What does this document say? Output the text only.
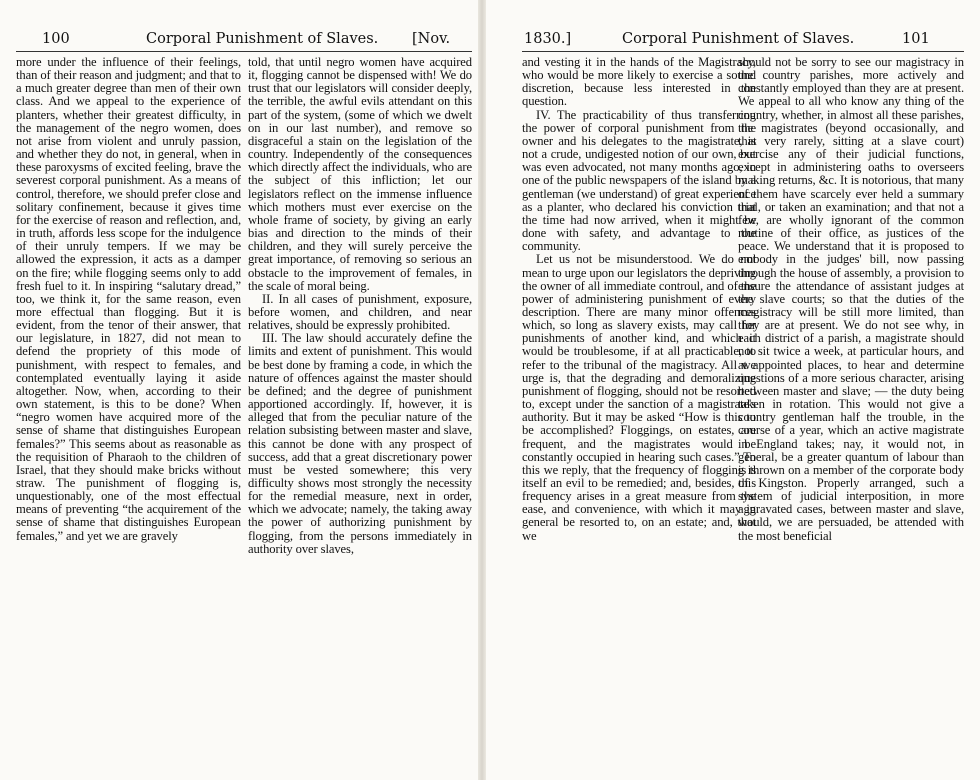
100	Corporal Punishment of Slaves. [Nov.
more under the influence of their feelings, than of their reason and judgment; and that to a much greater degree than men of their own class. And we appeal to the experience of planters, whether their greatest difficulty, in the management of the negro women, does not arise from violent and unruly passion, and whether they do not, in general, when in these paroxysms of excited feeling, brave the severest corporal punishment. As a means of control, therefore, we should prefer close and solitary confinement, because it gives time for the exercise of reason and reflection, and, in truth, affords less scope for the indulgence of their unruly tempers. If we may be allowed the expression, it acts as a damper on the fire; while flogging seems only to add fresh fuel to it. In inspiring “salutary dread,” too, we think it, for the same reason, even more effectual than flogging. But it is evident, from the tenor of their answer, that our legislature, in 1827, did not mean to defend the propriety of this mode of punishment, with respect to females, and contemplated eventually laying it aside altogether. Now, when, according to their own statement, is this to be done? When “negro women have acquired more of the sense of shame that distinguishes European females?” This seems about as reasonable as the requisition of Pharaoh to the children of Israel, that they should make bricks without straw. The punishment of flogging is, unquestionably, one of the most effectual means of preventing “the acquirement of the sense of shame that distinguishes European females,” and yet we are gravely
told, that until negro women have acquired it, flogging cannot be dispensed with! We do trust that our legislators will consider deeply, the terrible, the awful evils attendant on this part of the system, (some of which we dwelt on in our last number), and remove so disgraceful a stain on the legislation of the country. Independently of the consequences which directly affect the individuals, who are the subject of this infliction; let our legislators reflect on the immense influence which mothers must ever exercise on the whole frame of society, by giving an early bias and direction to the minds of their children, and they will surely perceive the great importance, of removing so serious an obstacle to the improvement of females, in the scale of moral being.
II. In all cases of punishment, exposure, before women, and children, and near relatives, should be expressly prohibited.
III. The law should accurately define the limits and extent of punishment. This would be best done by framing a code, in which the nature of offences against the master should be defined; and the degree of punishment apportioned accordingly. If, however, it is alleged that from the peculiar nature of the relation subsisting between master and slave, this cannot be done with any prospect of success, add that a great discretionary power must be vested somewhere; this very difficulty shows most strongly the necessity for the remedial measure, next in order, which we advocate; namely, the taking away the power of authorizing punishment by flogging, from the persons immediately in authority over slaves,
1830.]	Corporal Punishment of Slaves.	101
and vesting it in the hands of the Magistracy, who would be more likely to exercise a sound discretion, because less interested in the question.
IV. The practicability of thus transferring the power of corporal punishment from the owner and his delegates to the magistrate, is not a crude, undigested notion of our own, but was even advocated, not many months ago, in one of the public newspapers of the island by a gentleman (we understand) of great experience as a planter, who declared his conviction that the time had now arrived, when it might be done with safety, and advantage to the community.
Let us not be misunderstood. We do not mean to urge upon our legislators the depriving the owner of all immediate controul, and of the power of administering punishment of every description. There are many minor offences which, so long as slavery exists, may call for punishments of another kind, and which it would be troublesome, if at all practicable, to refer to the tribunal of the magistracy. All we urge is, that the degrading and demoralizing punishment of flogging, should not be resorted to, except under the sanction of a magistrate's authority. But it may be asked “How is this to be accomplished? Floggings, on estates, are frequent, and the magistrates would be constantly occupied in hearing such cases.” To this we reply, that the frequency of flogging is itself an evil to be remedied; and, besides, this frequency arises in a great measure from the ease, and convenience, with which it may in general be resorted to, on an estate; and, that we
should not be sorry to see our magistracy in the country parishes, more actively and constantly employed than they are at present. We appeal to all who know any thing of the country, whether, in almost all these parishes, the magistrates (beyond occasionally, and that very rarely, sitting at a slave court) exercise any of their judicial functions, except in administering oaths to overseers making returns, &c. It is notorious, that many of them have scarcely ever held a summary trial, or taken an examination; and that not a few, are wholly ignorant of the common routine of their office, as justices of the peace. We understand that it is proposed to embody in the judges' bill, now passing through the house of assembly, a provision to ensure the attendance of assistant judges at the slave courts; so that the duties of the magistracy will be still more limited, than they are at present. We do not see why, in each district of a parish, a magistrate should not sit twice a week, at particular hours, and at appointed places, to hear and determine questions of a more serious character, arising between master and slave; — the duty being taken in rotation. This would not give a country gentleman half the trouble, in the course of a year, which an active magistrate in England takes; nay, it would not, in general, be a greater quantum of labour than is thrown on a member of the corporate body of Kingston. Properly arranged, such a system of judicial interposition, in more aggravated cases, between master and slave, would, we are persuaded, be attended with the most beneficial
